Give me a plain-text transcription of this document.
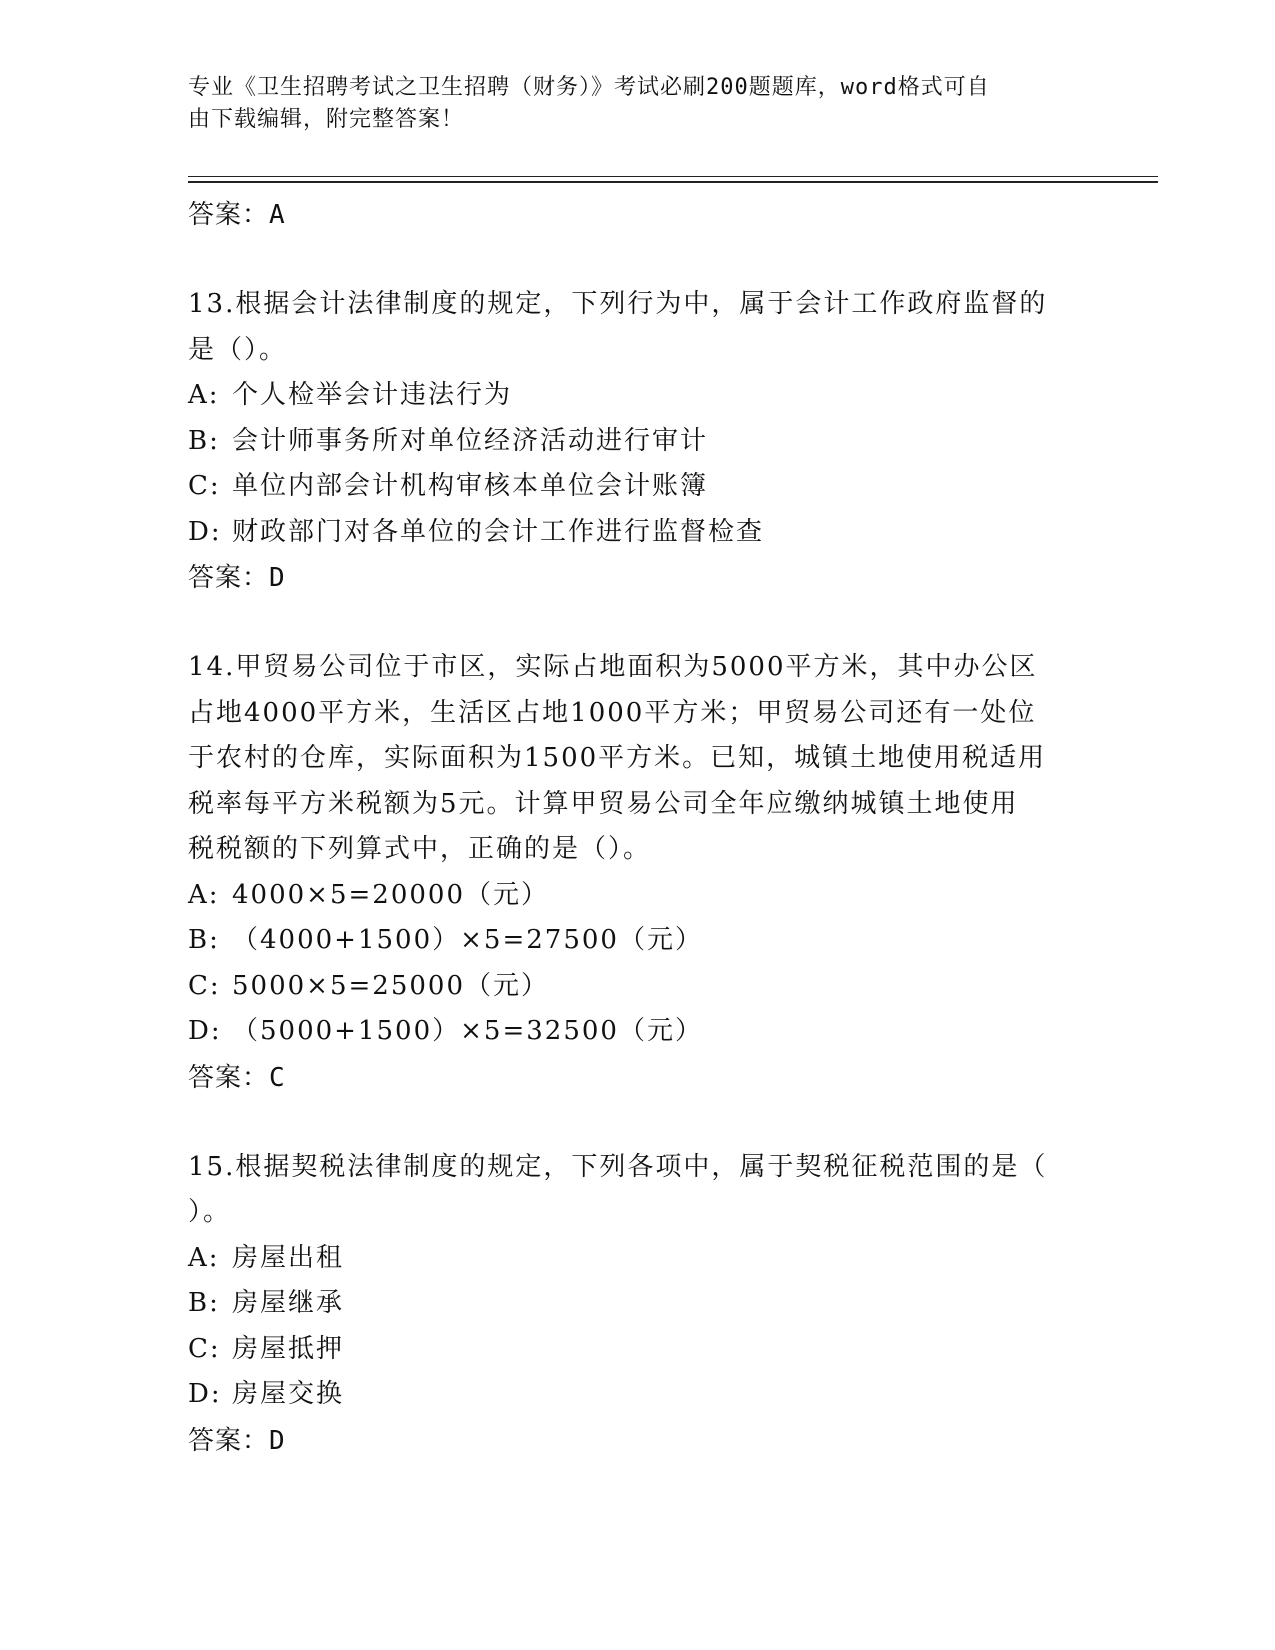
专业《卫生招聘考试之卫生招聘（财务）》考试必刷200题题库，word格式可自
由下载编辑，附完整答案！
答案：A
13.根据会计法律制度的规定，下列行为中，属于会计工作政府监督的
是（）。
A: 个人检举会计违法行为
B: 会计师事务所对单位经济活动进行审计
C: 单位内部会计机构审核本单位会计账簿
D: 财政部门对各单位的会计工作进行监督检查
答案：D
14.甲贸易公司位于市区，实际占地面积为5000平方米，其中办公区
占地4000平方米，生活区占地1000平方米；甲贸易公司还有一处位
于农村的仓库，实际面积为1500平方米。已知，城镇土地使用税适用
税率每平方米税额为5元。计算甲贸易公司全年应缴纳城镇土地使用
税税额的下列算式中，正确的是（）。
A: 4000×5=20000（元）
B: （4000+1500）×5=27500（元）
C: 5000×5=25000（元）
D: （5000+1500）×5=32500（元）
答案：C
15.根据契税法律制度的规定，下列各项中，属于契税征税范围的是（
）。
A: 房屋出租
B: 房屋继承
C: 房屋抵押
D: 房屋交换
答案：D
